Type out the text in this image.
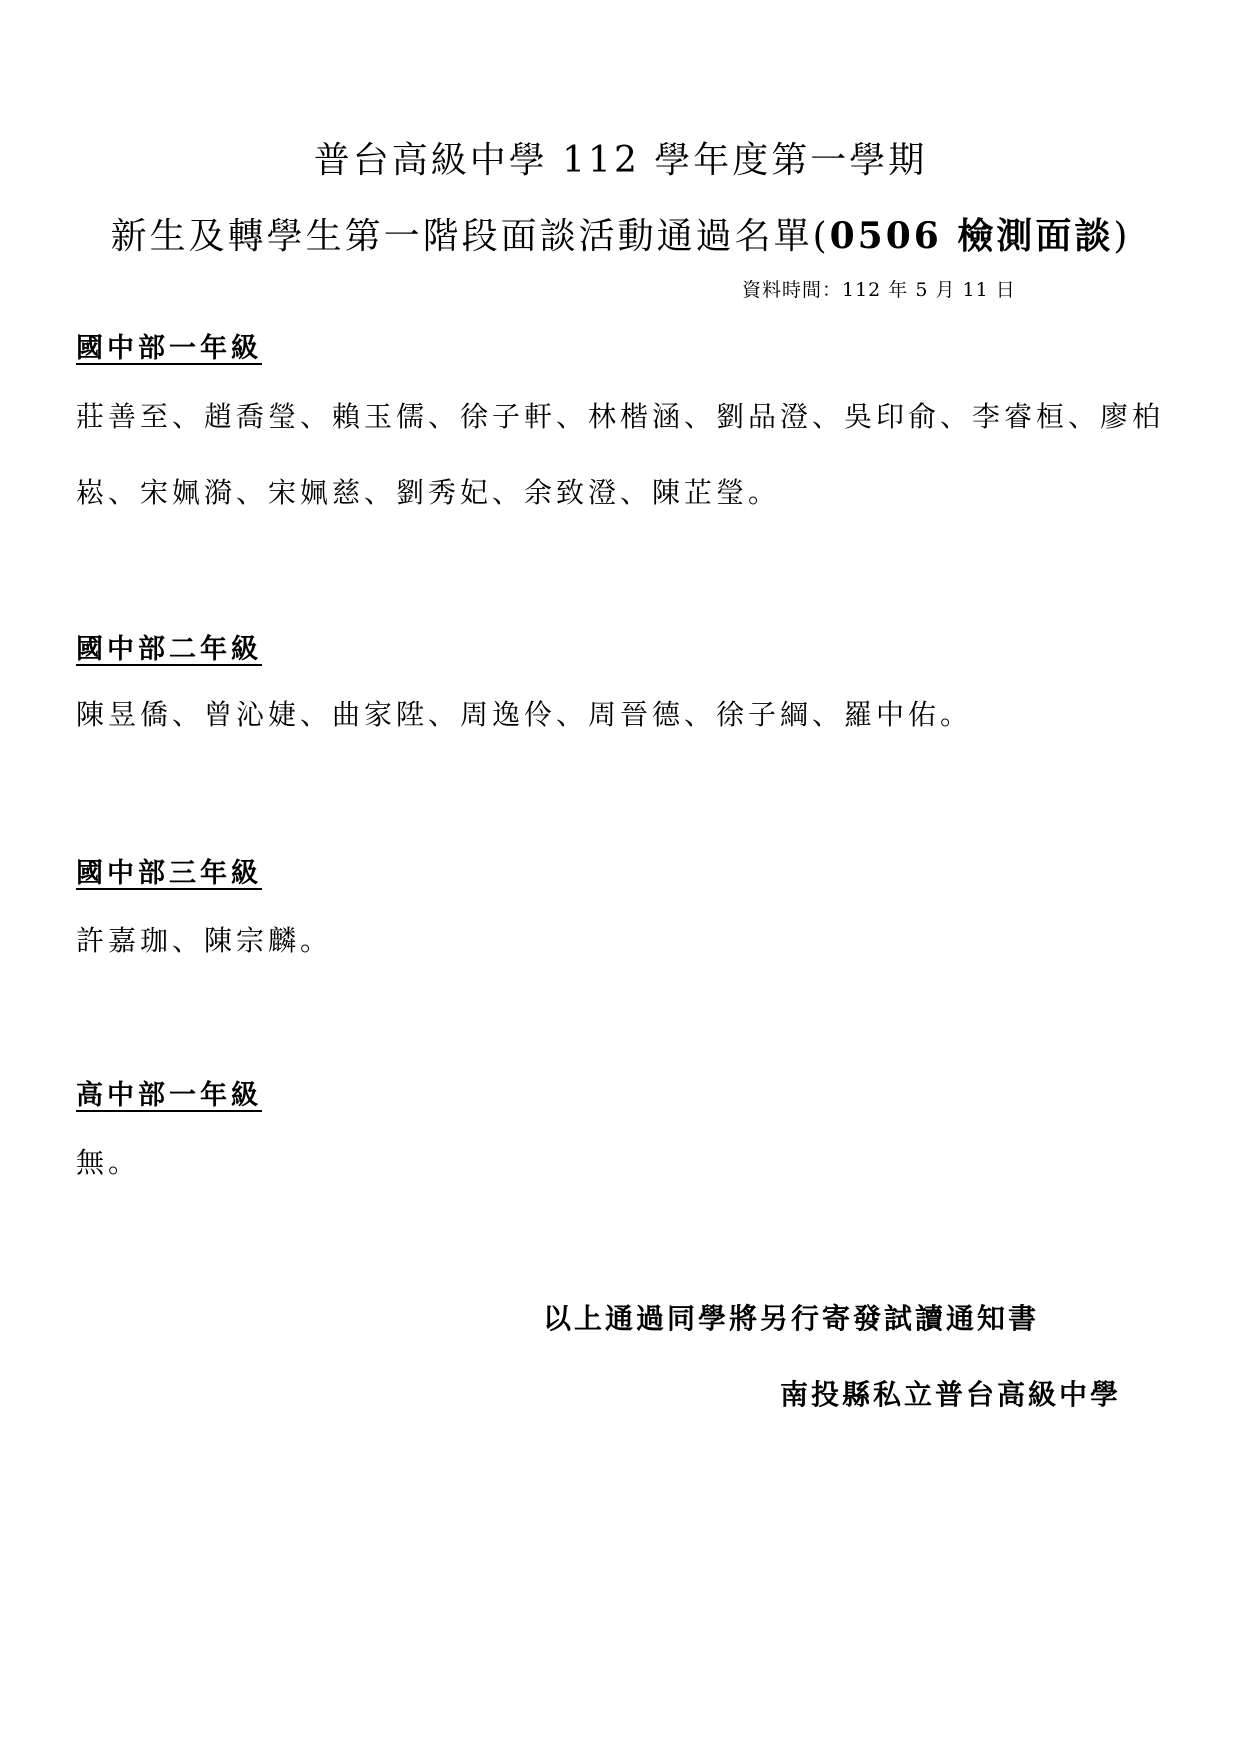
普台高級中學 112 學年度第一學期
新生及轉學生第一階段面談活動通過名單(0506 檢測面談)
資料時間：112 年 5 月 11 日
國中部一年級
莊善至、趙喬瑩、賴玉儒、徐子軒、林楷涵、劉品澄、吳印俞、李睿桓、廖柏崧、宋姵漪、宋姵慈、劉秀妃、余致澄、陳芷瑩。
國中部二年級
陳昱僑、曾沁婕、曲家陞、周逸伶、周晉德、徐子綱、羅中佑。
國中部三年級
許嘉珈、陳宗麟。
高中部一年級
無。
以上通過同學將另行寄發試讀通知書
南投縣私立普台高級中學
